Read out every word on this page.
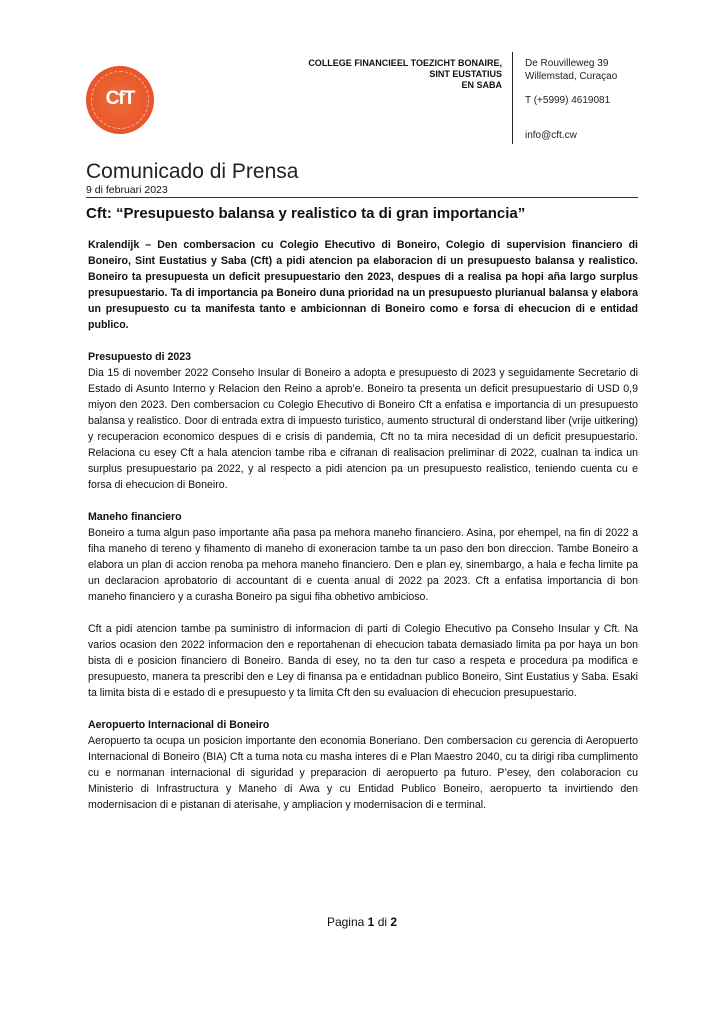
CfT
COLLEGE FINANCIEEL TOEZICHT BONAIRE,
SINT EUSTATIUS
EN SABA
De Rouvilleweg 39
Willemstad, Curaçao
T (+5999) 4619081
info@cft.cw
Comunicado di Prensa
9 di februari 2023
Cft: “Presupuesto balansa y realistico ta di gran importancia”

Kralendijk – Den combersacion cu Colegio Ehecutivo di Boneiro, Colegio di supervision financiero di Boneiro, Sint Eustatius y Saba (Cft) a pidi atencion pa elaboracion di un presupuesto balansa y realistico. Boneiro ta presupuesta un deficit presupuestario den 2023, despues di a realisa pa hopi aña largo surplus presupuestario. Ta di importancia pa Boneiro duna prioridad na un presupuesto plurianual balansa y elabora un presupuesto cu ta manifesta tanto e ambicionnan di Boneiro como e forsa di ehecucion di e entidad publico.

Presupuesto di 2023

Dia 15 di november 2022 Conseho Insular di Boneiro a adopta e presupuesto di 2023 y seguidamente Secretario di Estado di Asunto Interno y Relacion den Reino a aprob’e. Boneiro ta presenta un deficit presupuestario di USD 0,9 miyon den 2023. Den combersacion cu Colegio Ehecutivo di Boneiro Cft a enfatisa e importancia di un presupuesto balansa y realistico. Door di entrada extra di impuesto turistico, aumento structural di onderstand liber (vrije uitkering) y recuperacion economico despues di e crisis di pandemia, Cft no ta mira necesidad di un deficit presupuestario. Relaciona cu esey Cft a hala atencion tambe riba e cifranan di realisacion preliminar di 2022, cualnan ta indica un surplus presupuestario pa 2022, y al respecto a pidi atencion pa un presupuesto realistico, teniendo cuenta cu e forsa di ehecucion di Boneiro.

Maneho financiero

Boneiro a tuma algun paso importante aña pasa pa mehora maneho financiero. Asina, por ehempel, na fin di 2022 a fiha maneho di tereno y fihamento di maneho di exoneracion tambe ta un paso den bon direccion. Tambe Boneiro a elabora un plan di accion renoba pa mehora maneho financiero. Den e plan ey, sinembargo, a hala e fecha limite pa un declaracion aprobatorio di accountant di e cuenta anual di 2022 pa 2023. Cft a enfatisa importancia di bon maneho financiero y a curasha Boneiro pa sigui fiha obhetivo ambicioso.

Cft a pidi atencion tambe pa suministro di informacion di parti di Colegio Ehecutivo pa Conseho Insular y Cft. Na varios ocasion den 2022 informacion den e reportahenan di ehecucion tabata demasiado limita pa por haya un bon bista di e posicion financiero di Boneiro. Banda di esey, no ta den tur caso a respeta e procedura pa modifica e presupuesto, manera ta prescribi den e Ley di finansa pa e entidadnan publico Boneiro, Sint Eustatius y Saba. Esaki ta limita bista di e estado di e presupuesto y ta limita Cft den su evaluacion di ehecucion presupuestario.

Aeropuerto Internacional di Boneiro

Aeropuerto ta ocupa un posicion importante den economia Boneriano. Den combersacion cu gerencia di Aeropuerto Internacional di Boneiro (BIA) Cft a tuma nota cu masha interes di e Plan Maestro 2040, cu ta dirigi riba cumplimento cu e normanan internacional di siguridad y preparacion di aeropuerto pa futuro. P’esey, den colaboracion cu Ministerio di Infrastructura y Maneho di Awa y cu Entidad Publico Boneiro, aeropuerto ta invirtiendo den modernisacion di e pistanan di aterisahe, y ampliacion y modernisacion di e terminal.

Pagina 1 di 2
